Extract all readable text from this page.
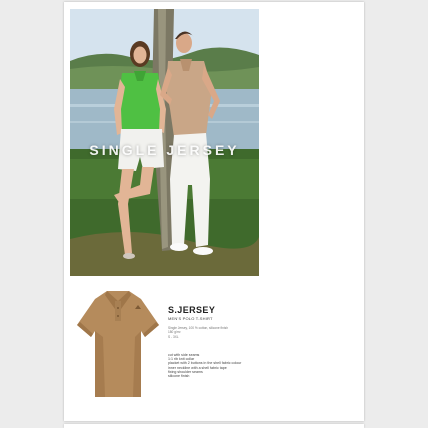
SINGLE JERSEY
S.JERSEY
MEN'S POLO T-SHIRT
Single Jersey, 100 % cotton, silicone finish
180 g/m²
S - 3XL
cut with side seams
1:1 rib knit collar
placket with 2 buttons in the shell fabric colour
inner neckline with a shell fabric tape
fixing shoulder seams
silicone finish
